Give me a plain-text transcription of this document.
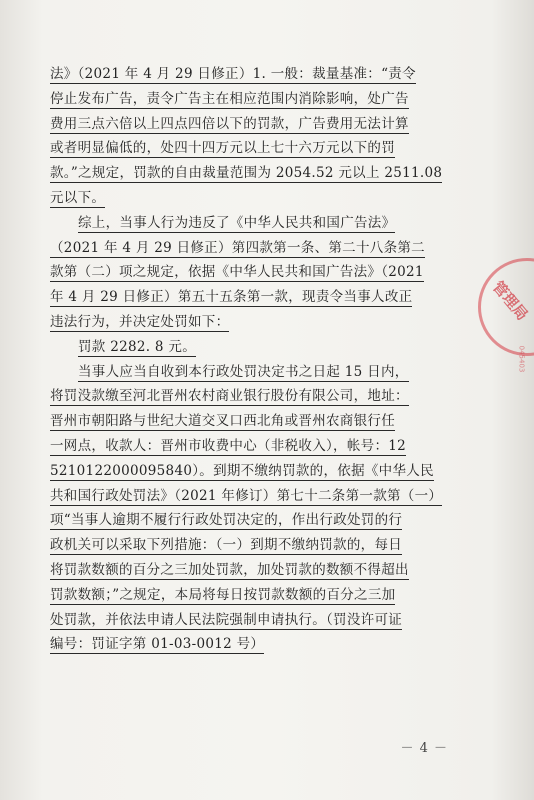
法》（2021 年 4 月 29 日修正）1. 一般：裁量基准：“责令
停止发布广告，责令广告主在相应范围内消除影响，处广告
费用三点六倍以上四点四倍以下的罚款，广告费用无法计算
或者明显偏低的，处四十四万元以上七十六万元以下的罚
款。”之规定，罚款的自由裁量范围为 2054.52 元以上 2511.08
元以下。
综上，当事人行为违反了《中华人民共和国广告法》
（2021 年 4 月 29 日修正）第四款第一条、第二十八条第二
款第（二）项之规定，依据《中华人民共和国广告法》（2021
年 4 月 29 日修正）第五十五条第一款，现责令当事人改正
违法行为，并决定处罚如下：
罚款 2282. 8 元。
当事人应当自收到本行政处罚决定书之日起 15 日内，
将罚没款缴至河北晋州农村商业银行股份有限公司，地址：
晋州市朝阳路与世纪大道交叉口西北角或晋州农商银行任
一网点，收款人：晋州市收费中心（非税收入），帐号：12
5210122000095840）。到期不缴纳罚款的，依据《中华人民
共和国行政处罚法》（2021 年修订）第七十二条第一款第（一）
项“当事人逾期不履行行政处罚决定的，作出行政处罚的行
政机关可以采取下列措施：（一）到期不缴纳罚款的，每日
将罚款数额的百分之三加处罚款，加处罚款的数额不得超出
罚款数额；”之规定，本局将每日按罚款数额的百分之三加
处罚款，并依法申请人民法院强制申请执行。（罚没许可证
编号：罚证字第 01-03-0012 号）
管理局
045403
－ 4 －
